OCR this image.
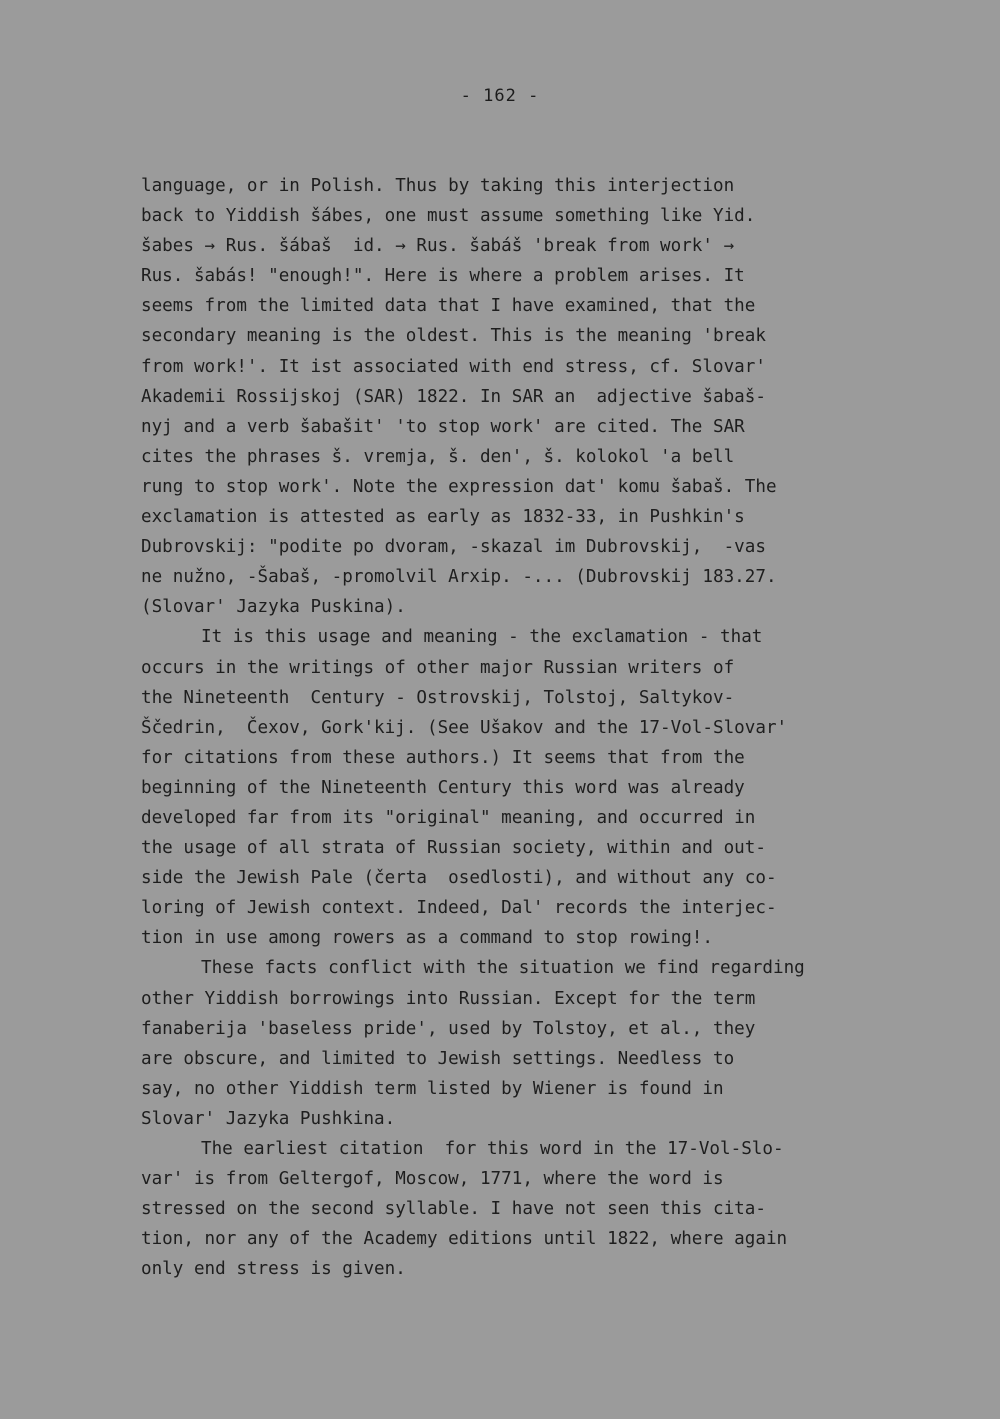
- 162 -
language, or in Polish. Thus by taking this interjection
back to Yiddish šábes, one must assume something like Yid.
šabes → Rus. šábaš  id. → Rus. šabáš 'break from work' →
Rus. šabás! "enough!". Here is where a problem arises. It
seems from the limited data that I have examined, that the
secondary meaning is the oldest. This is the meaning 'break
from work!'. It ist associated with end stress, cf. Slovar'
Akademii Rossijskoj (SAR) 1822. In SAR an  adjective šabaš-
nyj and a verb šabašit' 'to stop work' are cited. The SAR
cites the phrases š. vremja, š. den', š. kolokol 'a bell
rung to stop work'. Note the expression dat' komu šabaš. The
exclamation is attested as early as 1832-33, in Pushkin's
Dubrovskij: "podite po dvoram, -skazal im Dubrovskij,  -vas
ne nužno, -Šabaš, -promolvil Arxip. -... (Dubrovskij 183.27.
(Slovar' Jazyka Puskina).
It is this usage and meaning - the exclamation - that
occurs in the writings of other major Russian writers of
the Nineteenth  Century - Ostrovskij, Tolstoj, Saltykov-
Ščedrin,  Čexov, Gork'kij. (See Ušakov and the 17-Vol-Slovar'
for citations from these authors.) It seems that from the
beginning of the Nineteenth Century this word was already
developed far from its "original" meaning, and occurred in
the usage of all strata of Russian society, within and out-
side the Jewish Pale (čerta  osedlosti), and without any co-
loring of Jewish context. Indeed, Dal' records the interjec-
tion in use among rowers as a command to stop rowing!.
These facts conflict with the situation we find regarding
other Yiddish borrowings into Russian. Except for the term
fanaberija 'baseless pride', used by Tolstoy, et al., they
are obscure, and limited to Jewish settings. Needless to
say, no other Yiddish term listed by Wiener is found in
Slovar' Jazyka Pushkina.
The earliest citation  for this word in the 17-Vol-Slo-
var' is from Geltergof, Moscow, 1771, where the word is
stressed on the second syllable. I have not seen this cita-
tion, nor any of the Academy editions until 1822, where again
only end stress is given.
